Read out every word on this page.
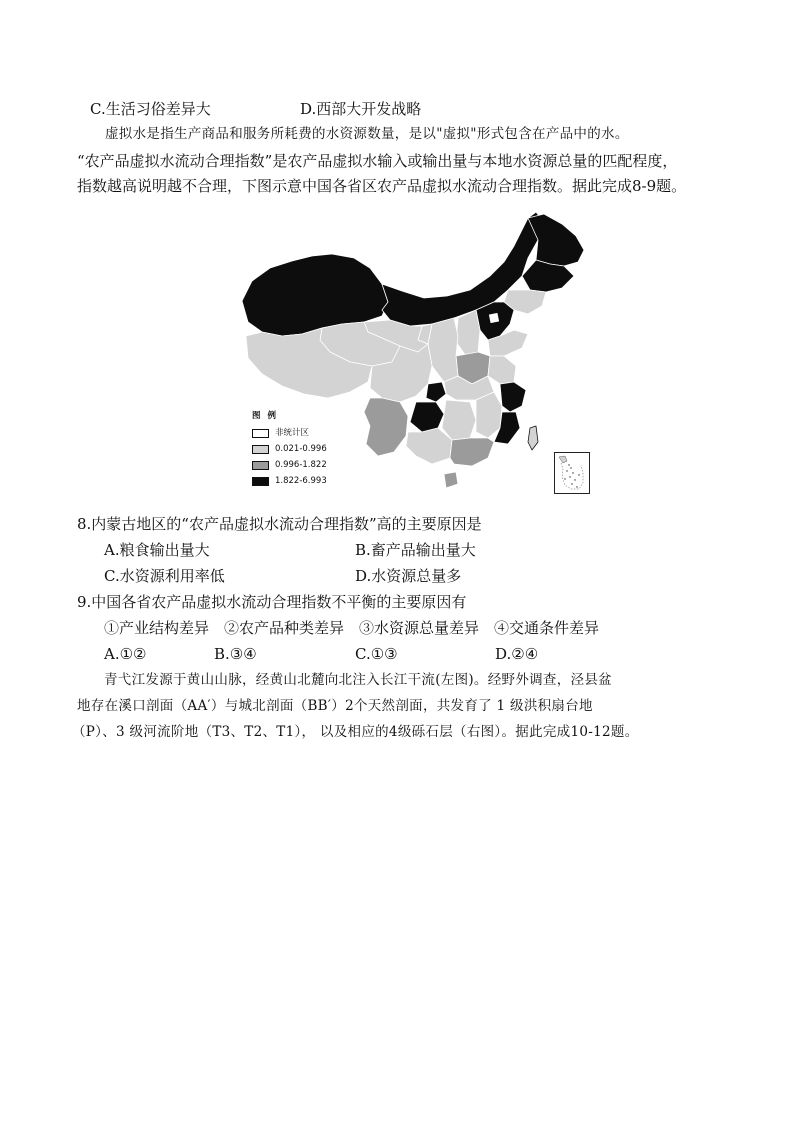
C.生活习俗差异大	D.西部大开发战略
虚拟水是指生产商品和服务所耗费的水资源数量，是以"虚拟"形式包含在产品中的水。
“农产品虚拟水流动合理指数”是农产品虚拟水输入或输出量与本地水资源总量的匹配程度，
指数越高说明越不合理，下图示意中国各省区农产品虚拟水流动合理指数。据此完成8-9题。
图 例
非统计区
0.021-0.996
0.996-1.822
1.822-6.993
8.内蒙古地区的“农产品虚拟水流动合理指数”高的主要原因是
A.粮食输出量大	B.畜产品输出量大
C.水资源利用率低	D.水资源总量多
9.中国各省农产品虚拟水流动合理指数不平衡的主要原因有
①产业结构差异　②农产品种类差异　③水资源总量差异　④交通条件差异
A.①②	B.③④	C.①③	D.②④
青弋江发源于黄山山脉，经黄山北麓向北注入长江干流(左图)。经野外调查，泾县盆
地存在溪口剖面（AA′）与城北剖面（BB′）2个天然剖面，共发育了 1 级洪积扇台地
（P）、3 级河流阶地（T3、T2、T1）， 以及相应的4级砾石层（右图）。据此完成10-12题。
